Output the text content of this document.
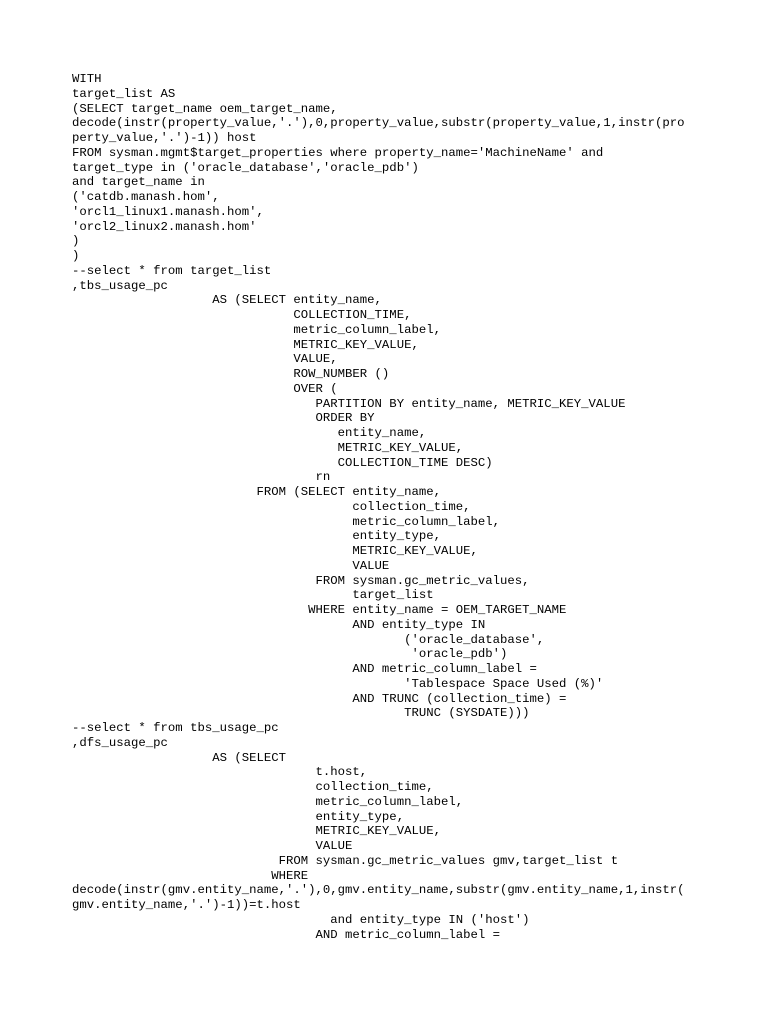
WITH
target_list AS
(SELECT target_name oem_target_name,
decode(instr(property_value,'.'),0,property_value,substr(property_value,1,instr(pro
perty_value,'.')-1)) host
FROM sysman.mgmt$target_properties where property_name='MachineName' and
target_type in ('oracle_database','oracle_pdb')
and target_name in
('catdb.manash.hom',
'orcl1_linux1.manash.hom',
'orcl2_linux2.manash.hom'
)
)
--select * from target_list
,tbs_usage_pc
AS (SELECT entity_name,
COLLECTION_TIME,
metric_column_label,
METRIC_KEY_VALUE,
VALUE,
ROW_NUMBER ()
OVER (
PARTITION BY entity_name, METRIC_KEY_VALUE
ORDER BY
entity_name,
METRIC_KEY_VALUE,
COLLECTION_TIME DESC)
rn
FROM (SELECT entity_name,
collection_time,
metric_column_label,
entity_type,
METRIC_KEY_VALUE,
VALUE
FROM sysman.gc_metric_values,
target_list
WHERE entity_name = OEM_TARGET_NAME
AND entity_type IN
('oracle_database',
'oracle_pdb')
AND metric_column_label =
'Tablespace Space Used (%)'
AND TRUNC (collection_time) =
TRUNC (SYSDATE)))
--select * from tbs_usage_pc
,dfs_usage_pc
AS (SELECT
t.host,
collection_time,
metric_column_label,
entity_type,
METRIC_KEY_VALUE,
VALUE
FROM sysman.gc_metric_values gmv,target_list t
WHERE
decode(instr(gmv.entity_name,'.'),0,gmv.entity_name,substr(gmv.entity_name,1,instr(
gmv.entity_name,'.')-1))=t.host
and entity_type IN ('host')
AND metric_column_label =
